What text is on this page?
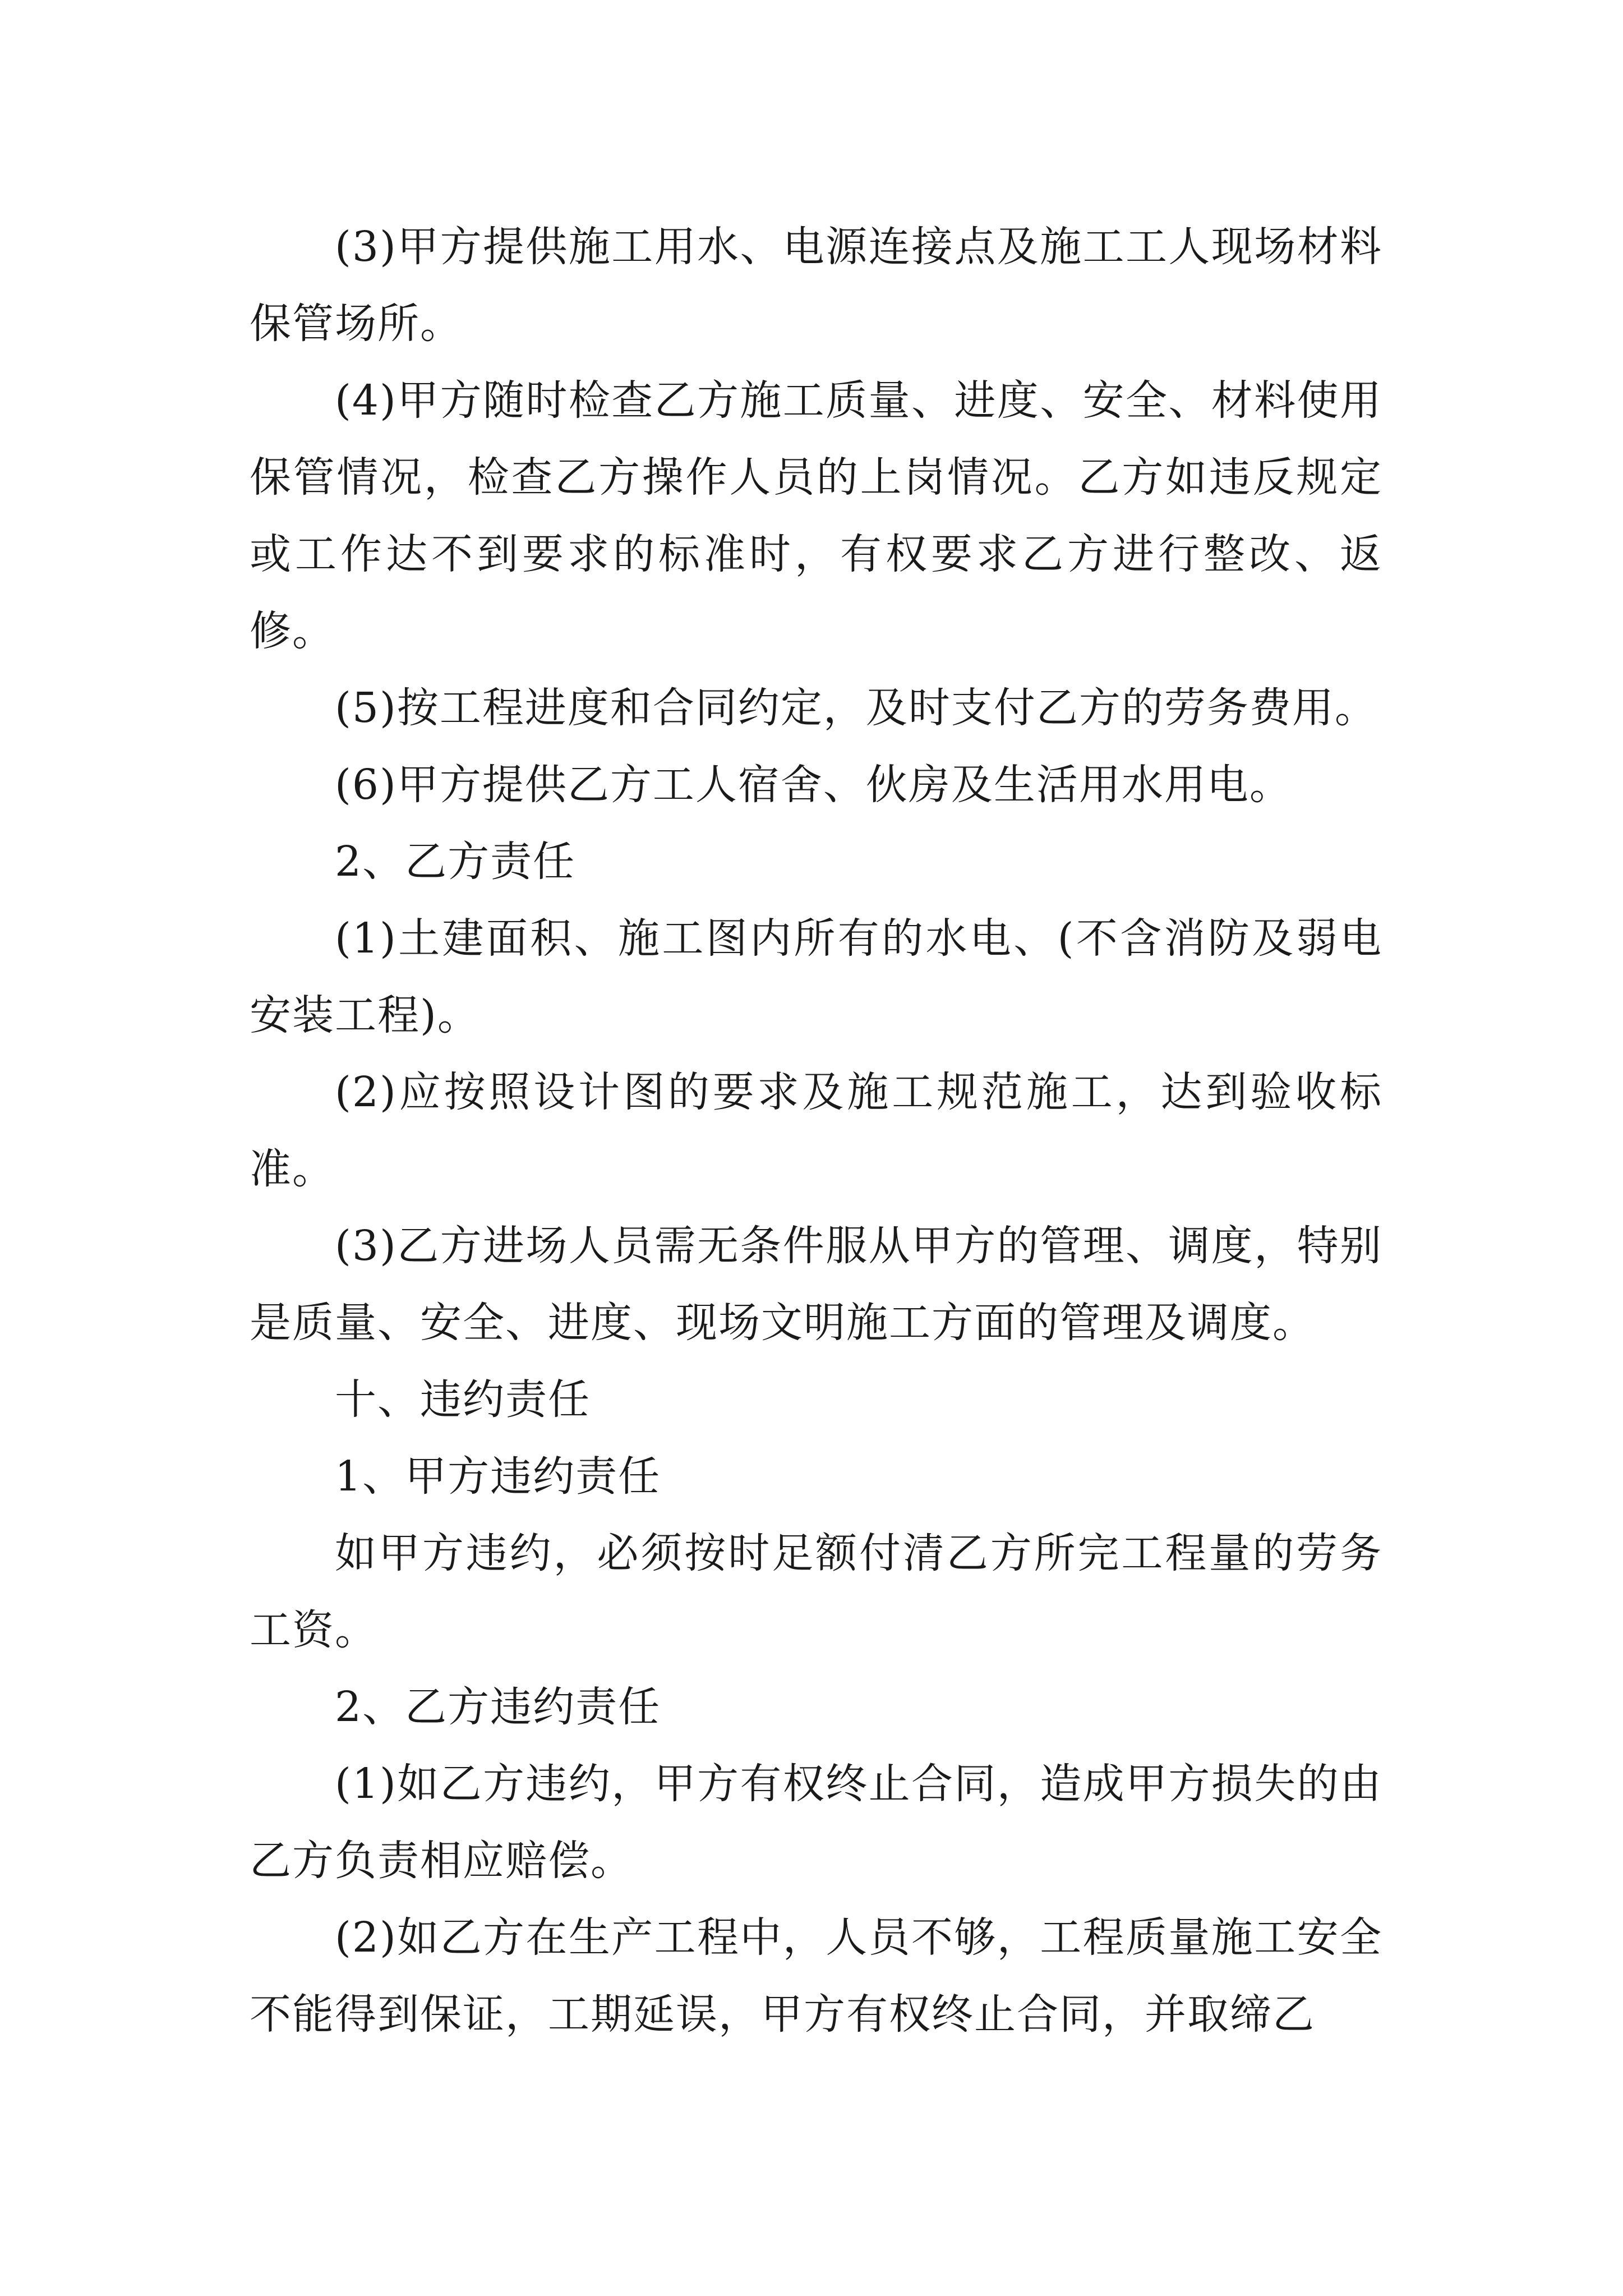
(3)甲方提供施工用水、电源连接点及施工工人现场材料保管场所。

(4)甲方随时检查乙方施工质量、进度、安全、材料使用保管情况，检查乙方操作人员的上岗情况。乙方如违反规定或工作达不到要求的标准时，有权要求乙方进行整改、返修。

(5)按工程进度和合同约定，及时支付乙方的劳务费用。

(6)甲方提供乙方工人宿舍、伙房及生活用水用电。

2、乙方责任

(1)土建面积、施工图内所有的水电、(不含消防及弱电安装工程)。

(2)应按照设计图的要求及施工规范施工，达到验收标准。

(3)乙方进场人员需无条件服从甲方的管理、调度，特别是质量、安全、进度、现场文明施工方面的管理及调度。

十、违约责任

1、甲方违约责任

如甲方违约，必须按时足额付清乙方所完工程量的劳务工资。

2、乙方违约责任

(1)如乙方违约，甲方有权终止合同，造成甲方损失的由乙方负责相应赔偿。

(2)如乙方在生产工程中，人员不够，工程质量施工安全不能得到保证，工期延误，甲方有权终止合同，并取缔乙
